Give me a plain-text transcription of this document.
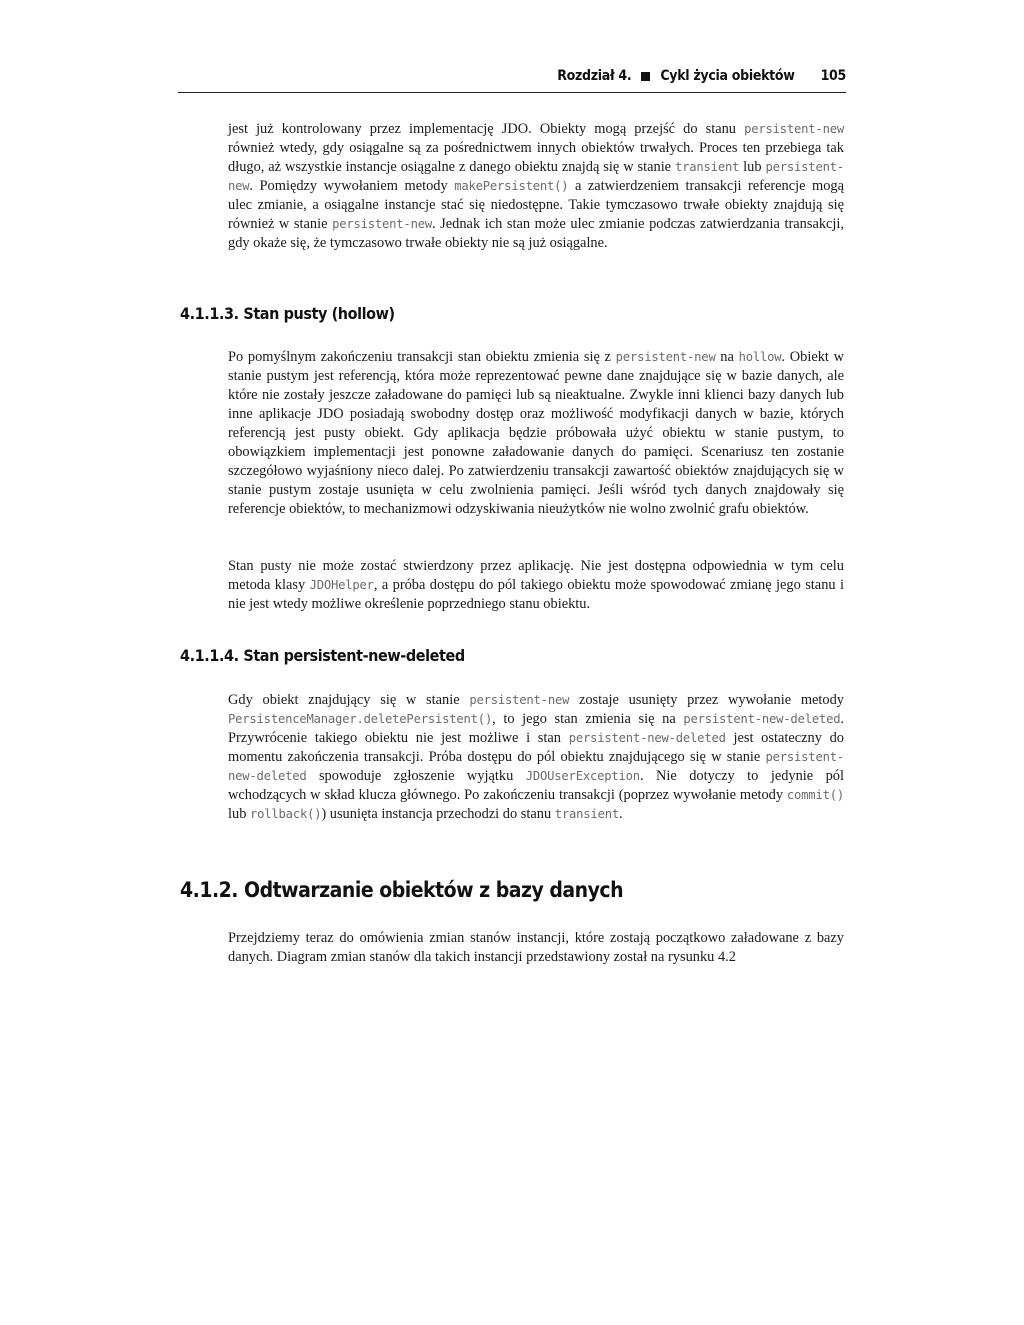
Rozdział 4. Cykl życia obiektów 105

jest już kontrolowany przez implementację JDO. Obiekty mogą przejść do stanu persistent-new również wtedy, gdy osiągalne są za pośrednictwem innych obiektów trwałych. Proces ten przebiega tak długo, aż wszystkie instancje osiągalne z danego obiektu znajdą się w stanie transient lub persistent-new. Pomiędzy wywołaniem metody makePersistent() a zatwierdzeniem transakcji referencje mogą ulec zmianie, a osiągalne instancje stać się niedostępne. Takie tymczasowo trwałe obiekty znajdują się również w stanie persistent-new. Jednak ich stan może ulec zmianie podczas zatwierdzania transakcji, gdy okaże się, że tymczasowo trwałe obiekty nie są już osiągalne.

4.1.1.3. Stan pusty (hollow)

Po pomyślnym zakończeniu transakcji stan obiektu zmienia się z persistent-new na hollow. Obiekt w stanie pustym jest referencją, która może reprezentować pewne dane znajdujące się w bazie danych, ale które nie zostały jeszcze załadowane do pamięci lub są nieaktualne. Zwykle inni klienci bazy danych lub inne aplikacje JDO posiadają swobodny dostęp oraz możliwość modyfikacji danych w bazie, których referencją jest pusty obiekt. Gdy aplikacja będzie próbowała użyć obiektu w stanie pustym, to obowiązkiem implementacji jest ponowne załadowanie danych do pamięci. Scenariusz ten zostanie szczegółowo wyjaśniony nieco dalej. Po zatwierdzeniu transakcji zawartość obiektów znajdujących się w stanie pustym zostaje usunięta w celu zwolnienia pamięci. Jeśli wśród tych danych znajdowały się referencje obiektów, to mechanizmowi odzyskiwania nieużytków nie wolno zwolnić grafu obiektów.

Stan pusty nie może zostać stwierdzony przez aplikację. Nie jest dostępna odpowiednia w tym celu metoda klasy JDOHelper, a próba dostępu do pól takiego obiektu może spowodować zmianę jego stanu i nie jest wtedy możliwe określenie poprzedniego stanu obiektu.

4.1.1.4. Stan persistent-new-deleted

Gdy obiekt znajdujący się w stanie persistent-new zostaje usunięty przez wywołanie metody PersistenceManager.deletePersistent(), to jego stan zmienia się na persistent-new-deleted. Przywrócenie takiego obiektu nie jest możliwe i stan persistent-new-deleted jest ostateczny do momentu zakończenia transakcji. Próba dostępu do pól obiektu znajdującego się w stanie persistent-new-deleted spowoduje zgłoszenie wyjątku JDOUserException. Nie dotyczy to jedynie pól wchodzących w skład klucza głównego. Po zakończeniu transakcji (poprzez wywołanie metody commit() lub rollback()) usunięta instancja przechodzi do stanu transient.

4.1.2. Odtwarzanie obiektów z bazy danych

Przejdziemy teraz do omówienia zmian stanów instancji, które zostają początkowo załadowane z bazy danych. Diagram zmian stanów dla takich instancji przedstawiony został na rysunku 4.2
